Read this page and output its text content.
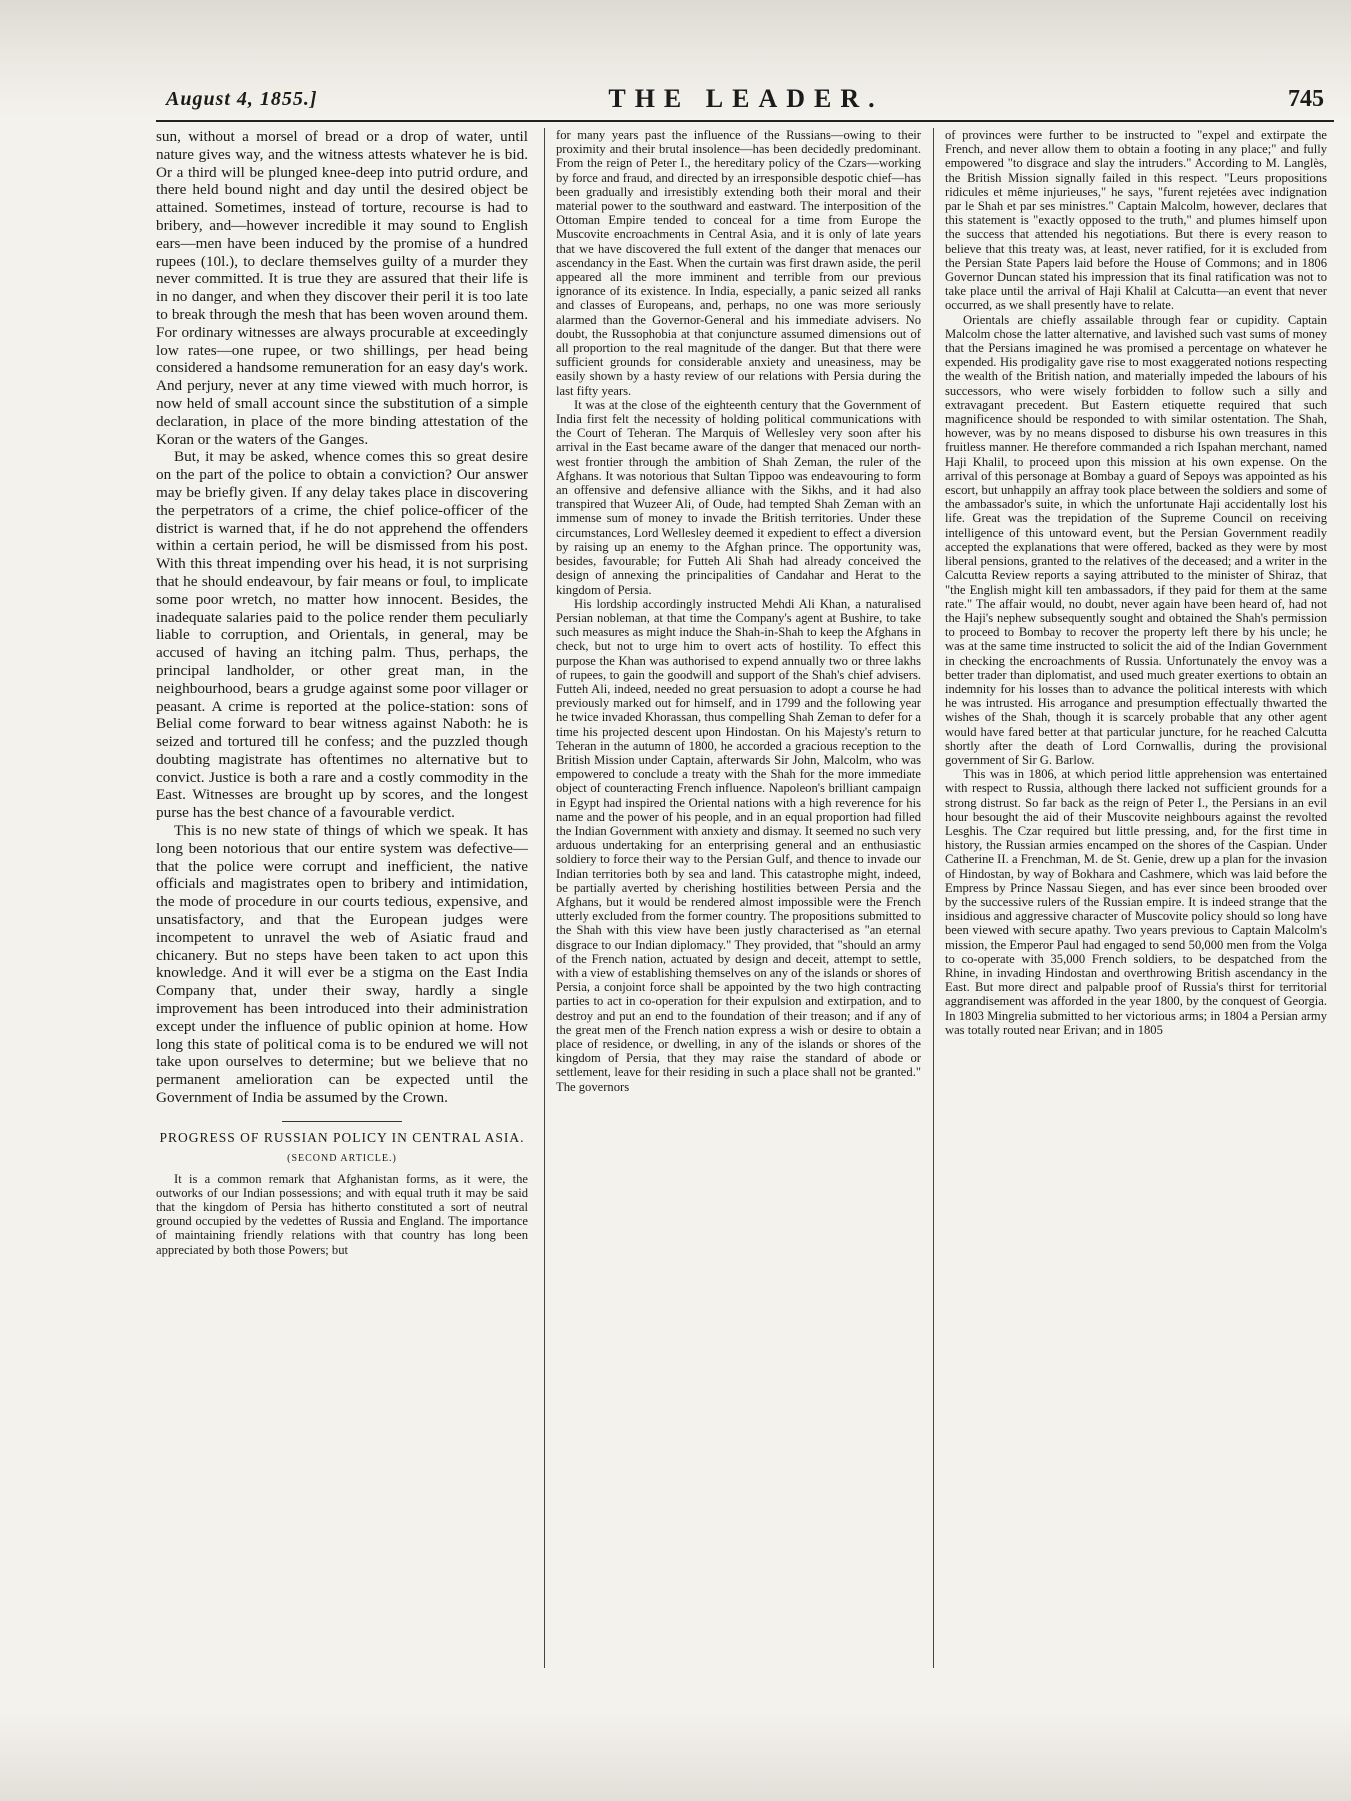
August 4, 1855.]	THE LEADER.	745

sun, without a morsel of bread or a drop of water, until nature gives way, and the witness attests whatever he is bid. Or a third will be plunged knee-deep into putrid ordure, and there held bound night and day until the desired object be attained. Sometimes, instead of torture, recourse is had to bribery, and—however incredible it may sound to English ears—men have been induced by the promise of a hundred rupees (10l.), to declare themselves guilty of a murder they never committed. It is true they are assured that their life is in no danger, and when they discover their peril it is too late to break through the mesh that has been woven around them. For ordinary witnesses are always procurable at exceedingly low rates—one rupee, or two shillings, per head being considered a handsome remuneration for an easy day's work. And perjury, never at any time viewed with much horror, is now held of small account since the substitution of a simple declaration, in place of the more binding attestation of the Koran or the waters of the Ganges.

But, it may be asked, whence comes this so great desire on the part of the police to obtain a conviction? Our answer may be briefly given. If any delay takes place in discovering the perpetrators of a crime, the chief police-officer of the district is warned that, if he do not apprehend the offenders within a certain period, he will be dismissed from his post. With this threat impending over his head, it is not surprising that he should endeavour, by fair means or foul, to implicate some poor wretch, no matter how innocent. Besides, the inadequate salaries paid to the police render them peculiarly liable to corruption, and Orientals, in general, may be accused of having an itching palm. Thus, perhaps, the principal landholder, or other great man, in the neighbourhood, bears a grudge against some poor villager or peasant. A crime is reported at the police-station: sons of Belial come forward to bear witness against Naboth: he is seized and tortured till he confess; and the puzzled though doubting magistrate has oftentimes no alternative but to convict. Justice is both a rare and a costly commodity in the East. Witnesses are brought up by scores, and the longest purse has the best chance of a favourable verdict.

This is no new state of things of which we speak. It has long been notorious that our entire system was defective—that the police were corrupt and inefficient, the native officials and magistrates open to bribery and intimidation, the mode of procedure in our courts tedious, expensive, and unsatisfactory, and that the European judges were incompetent to unravel the web of Asiatic fraud and chicanery. But no steps have been taken to act upon this knowledge. And it will ever be a stigma on the East India Company that, under their sway, hardly a single improvement has been introduced into their administration except under the influence of public opinion at home. How long this state of political coma is to be endured we will not take upon ourselves to determine; but we believe that no permanent amelioration can be expected until the Government of India be assumed by the Crown.

PROGRESS OF RUSSIAN POLICY IN CENTRAL ASIA.
(SECOND ARTICLE.)

It is a common remark that Afghanistan forms, as it were, the outworks of our Indian possessions; and with equal truth it may be said that the kingdom of Persia has hitherto constituted a sort of neutral ground occupied by the vedettes of Russia and England. The importance of maintaining friendly relations with that country has long been appreciated by both those Powers; but

for many years past the influence of the Russians—owing to their proximity and their brutal insolence—has been decidedly predominant. From the reign of Peter I., the hereditary policy of the Czars—working by force and fraud, and directed by an irresponsible despotic chief—has been gradually and irresistibly extending both their moral and their material power to the southward and eastward. The interposition of the Ottoman Empire tended to conceal for a time from Europe the Muscovite encroachments in Central Asia, and it is only of late years that we have discovered the full extent of the danger that menaces our ascendancy in the East. When the curtain was first drawn aside, the peril appeared all the more imminent and terrible from our previous ignorance of its existence. In India, especially, a panic seized all ranks and classes of Europeans, and, perhaps, no one was more seriously alarmed than the Governor-General and his immediate advisers. No doubt, the Russophobia at that conjuncture assumed dimensions out of all proportion to the real magnitude of the danger. But that there were sufficient grounds for considerable anxiety and uneasiness, may be easily shown by a hasty review of our relations with Persia during the last fifty years.

It was at the close of the eighteenth century that the Government of India first felt the necessity of holding political communications with the Court of Teheran. The Marquis of Wellesley very soon after his arrival in the East became aware of the danger that menaced our north-west frontier through the ambition of Shah Zeman, the ruler of the Afghans. It was notorious that Sultan Tippoo was endeavouring to form an offensive and defensive alliance with the Sikhs, and it had also transpired that Wuzeer Ali, of Oude, had tempted Shah Zeman with an immense sum of money to invade the British territories. Under these circumstances, Lord Wellesley deemed it expedient to effect a diversion by raising up an enemy to the Afghan prince. The opportunity was, besides, favourable; for Futteh Ali Shah had already conceived the design of annexing the principalities of Candahar and Herat to the kingdom of Persia.

His lordship accordingly instructed Mehdi Ali Khan, a naturalised Persian nobleman, at that time the Company's agent at Bushire, to take such measures as might induce the Shah-in-Shah to keep the Afghans in check, but not to urge him to overt acts of hostility. To effect this purpose the Khan was authorised to expend annually two or three lakhs of rupees, to gain the goodwill and support of the Shah's chief advisers. Futteh Ali, indeed, needed no great persuasion to adopt a course he had previously marked out for himself, and in 1799 and the following year he twice invaded Khorassan, thus compelling Shah Zeman to defer for a time his projected descent upon Hindostan. On his Majesty's return to Teheran in the autumn of 1800, he accorded a gracious reception to the British Mission under Captain, afterwards Sir John, Malcolm, who was empowered to conclude a treaty with the Shah for the more immediate object of counteracting French influence. Napoleon's brilliant campaign in Egypt had inspired the Oriental nations with a high reverence for his name and the power of his people, and in an equal proportion had filled the Indian Government with anxiety and dismay. It seemed no such very arduous undertaking for an enterprising general and an enthusiastic soldiery to force their way to the Persian Gulf, and thence to invade our Indian territories both by sea and land. This catastrophe might, indeed, be partially averted by cherishing hostilities between Persia and the Afghans, but it would be rendered almost impossible were the French utterly excluded from the former country. The propositions submitted to the Shah with this view have been justly characterised as "an eternal disgrace to our Indian diplomacy." They provided, that "should an army of the French nation, actuated by design and deceit, attempt to settle, with a view of establishing themselves on any of the islands or shores of Persia, a conjoint force shall be appointed by the two high contracting parties to act in co-operation for their expulsion and extirpation, and to destroy and put an end to the foundation of their treason; and if any of the great men of the French nation express a wish or desire to obtain a place of residence, or dwelling, in any of the islands or shores of the kingdom of Persia, that they may raise the standard of abode or settlement, leave for their residing in such a place shall not be granted." The governors

of provinces were further to be instructed to "expel and extirpate the French, and never allow them to obtain a footing in any place;" and fully empowered "to disgrace and slay the intruders." According to M. Langlès, the British Mission signally failed in this respect. "Leurs propositions ridicules et même injurieuses," he says, "furent rejetées avec indignation par le Shah et par ses ministres." Captain Malcolm, however, declares that this statement is "exactly opposed to the truth," and plumes himself upon the success that attended his negotiations. But there is every reason to believe that this treaty was, at least, never ratified, for it is excluded from the Persian State Papers laid before the House of Commons; and in 1806 Governor Duncan stated his impression that its final ratification was not to take place until the arrival of Haji Khalil at Calcutta—an event that never occurred, as we shall presently have to relate.

Orientals are chiefly assailable through fear or cupidity. Captain Malcolm chose the latter alternative, and lavished such vast sums of money that the Persians imagined he was promised a percentage on whatever he expended. His prodigality gave rise to most exaggerated notions respecting the wealth of the British nation, and materially impeded the labours of his successors, who were wisely forbidden to follow such a silly and extravagant precedent. But Eastern etiquette required that such magnificence should be responded to with similar ostentation. The Shah, however, was by no means disposed to disburse his own treasures in this fruitless manner. He therefore commanded a rich Ispahan merchant, named Haji Khalil, to proceed upon this mission at his own expense. On the arrival of this personage at Bombay a guard of Sepoys was appointed as his escort, but unhappily an affray took place between the soldiers and some of the ambassador's suite, in which the unfortunate Haji accidentally lost his life. Great was the trepidation of the Supreme Council on receiving intelligence of this untoward event, but the Persian Government readily accepted the explanations that were offered, backed as they were by most liberal pensions, granted to the relatives of the deceased; and a writer in the Calcutta Review reports a saying attributed to the minister of Shiraz, that "the English might kill ten ambassadors, if they paid for them at the same rate." The affair would, no doubt, never again have been heard of, had not the Haji's nephew subsequently sought and obtained the Shah's permission to proceed to Bombay to recover the property left there by his uncle; he was at the same time instructed to solicit the aid of the Indian Government in checking the encroachments of Russia. Unfortunately the envoy was a better trader than diplomatist, and used much greater exertions to obtain an indemnity for his losses than to advance the political interests with which he was intrusted. His arrogance and presumption effectually thwarted the wishes of the Shah, though it is scarcely probable that any other agent would have fared better at that particular juncture, for he reached Calcutta shortly after the death of Lord Cornwallis, during the provisional government of Sir G. Barlow.

This was in 1806, at which period little apprehension was entertained with respect to Russia, although there lacked not sufficient grounds for a strong distrust. So far back as the reign of Peter I., the Persians in an evil hour besought the aid of their Muscovite neighbours against the revolted Lesghis. The Czar required but little pressing, and, for the first time in history, the Russian armies encamped on the shores of the Caspian. Under Catherine II. a Frenchman, M. de St. Genie, drew up a plan for the invasion of Hindostan, by way of Bokhara and Cashmere, which was laid before the Empress by Prince Nassau Siegen, and has ever since been brooded over by the successive rulers of the Russian empire. It is indeed strange that the insidious and aggressive character of Muscovite policy should so long have been viewed with secure apathy. Two years previous to Captain Malcolm's mission, the Emperor Paul had engaged to send 50,000 men from the Volga to co-operate with 35,000 French soldiers, to be despatched from the Rhine, in invading Hindostan and overthrowing British ascendancy in the East. But more direct and palpable proof of Russia's thirst for territorial aggrandisement was afforded in the year 1800, by the conquest of Georgia. In 1803 Mingrelia submitted to her victorious arms; in 1804 a Persian army was totally routed near Erivan; and in 1805
